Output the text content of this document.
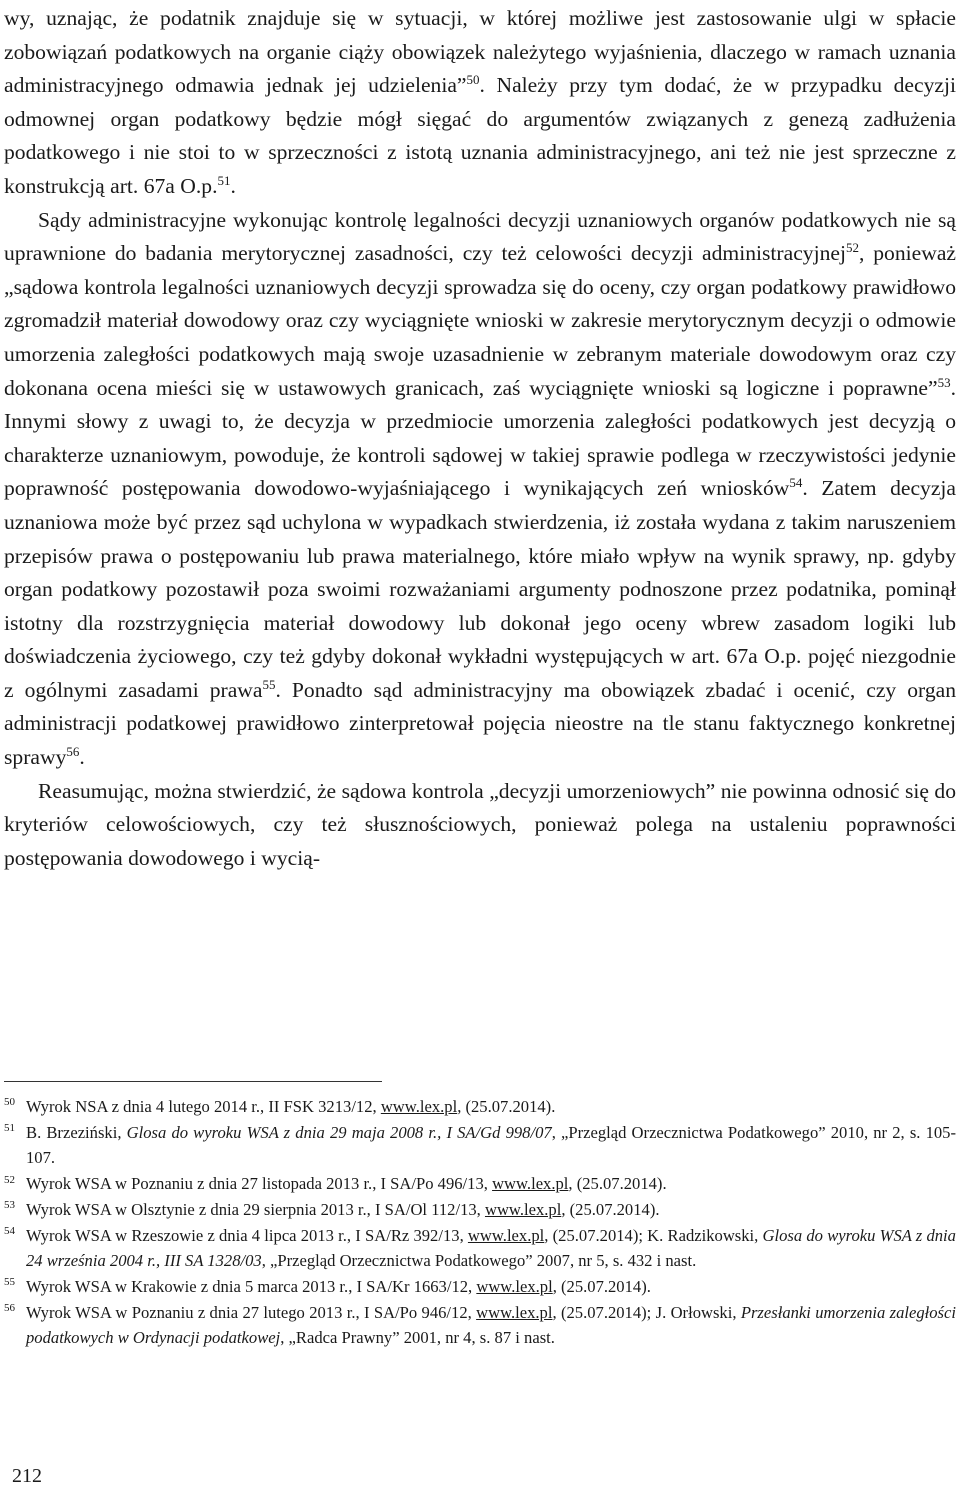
wy, uznając, że podatnik znajduje się w sytuacji, w której możliwe jest zastosowanie ulgi w spłacie zobowiązań podatkowych na organie ciąży obowiązek należytego wyjaśnienia, dlaczego w ramach uznania administracyjnego odmawia jednak jej udzielenia”$^{50}$. Należy przy tym dodać, że w przypadku decyzji odmownej organ podatkowy będzie mógł sięgać do argumentów związanych z genezą zadłużenia podatkowego i nie stoi to w sprzeczności z istotą uznania administracyjnego, ani też nie jest sprzeczne z konstrukcją art. 67a O.p.$^{51}$.

Sądy administracyjne wykonując kontrolę legalności decyzji uznaniowych organów podatkowych nie są uprawnione do badania merytorycznej zasadności, czy też celowości decyzji administracyjnej$^{52}$, ponieważ „sądowa kontrola legalności uznaniowych decyzji sprowadza się do oceny, czy organ podatkowy prawidłowo zgromadził materiał dowodowy oraz czy wyciągnięte wnioski w zakresie merytorycznym decyzji o odmowie umorzenia zaległości podatkowych mają swoje uzasadnienie w zebranym materiale dowodowym oraz czy dokonana ocena mieści się w ustawowych granicach, zaś wyciągnięte wnioski są logiczne i poprawne”$^{53}$. Innymi słowy z uwagi to, że decyzja w przedmiocie umorzenia zaległości podatkowych jest decyzją o charakterze uznaniowym, powoduje, że kontroli sądowej w takiej sprawie podlega w rzeczywistości jedynie poprawność postępowania dowodowo-wyjaśniającego i wynikających zeń wniosków$^{54}$. Zatem decyzja uznaniowa może być przez sąd uchylona w wypadkach stwierdzenia, iż została wydana z takim naruszeniem przepisów prawa o postępowaniu lub prawa materialnego, które miało wpływ na wynik sprawy, np. gdyby organ podatkowy pozostawił poza swoimi rozważaniami argumenty podnoszone przez podatnika, pominął istotny dla rozstrzygnięcia materiał dowodowy lub dokonał jego oceny wbrew zasadom logiki lub doświadczenia życiowego, czy też gdyby dokonał wykładni występujących w art. 67a O.p. pojęć niezgodnie z ogólnymi zasadami prawa$^{55}$. Ponadto sąd administracyjny ma obowiązek zbadać i ocenić, czy organ administracji podatkowej prawidłowo zinterpretował pojęcia nieostre na tle stanu faktycznego konkretnej sprawy$^{56}$.

Reasumując, można stwierdzić, że sądowa kontrola „decyzji umorzeniowych” nie powinna odnosić się do kryteriów celowościowych, czy też słusznościowych, ponieważ polega na ustaleniu poprawności postępowania dowodowego i wycią-

$^{50}$ Wyrok NSA z dnia 4 lutego 2014 r., II FSK 3213/12, www.lex.pl, (25.07.2014).

$^{51}$ B. Brzeziński, Glosa do wyroku WSA z dnia 29 maja 2008 r., I SA/Gd 998/07, „Przegląd Orzecznictwa Podatkowego” 2010, nr 2, s. 105-107.

$^{52}$ Wyrok WSA w Poznaniu z dnia 27 listopada 2013 r., I SA/Po 496/13, www.lex.pl, (25.07.2014).

$^{53}$ Wyrok WSA w Olsztynie z dnia 29 sierpnia 2013 r., I SA/Ol 112/13, www.lex.pl, (25.07.2014).

$^{54}$ Wyrok WSA w Rzeszowie z dnia 4 lipca 2013 r., I SA/Rz 392/13, www.lex.pl, (25.07.2014); K. Radzikowski, Glosa do wyroku WSA z dnia 24 września 2004 r., III SA 1328/03, „Przegląd Orzecznictwa Podatkowego” 2007, nr 5, s. 432 i nast.

$^{55}$ Wyrok WSA w Krakowie z dnia 5 marca 2013 r., I SA/Kr 1663/12, www.lex.pl, (25.07.2014).

$^{56}$ Wyrok WSA w Poznaniu z dnia 27 lutego 2013 r., I SA/Po 946/12, www.lex.pl, (25.07.2014); J. Orłowski, Przesłanki umorzenia zaległości podatkowych w Ordynacji podatkowej, „Radca Prawny” 2001, nr 4, s. 87 i nast.

212
